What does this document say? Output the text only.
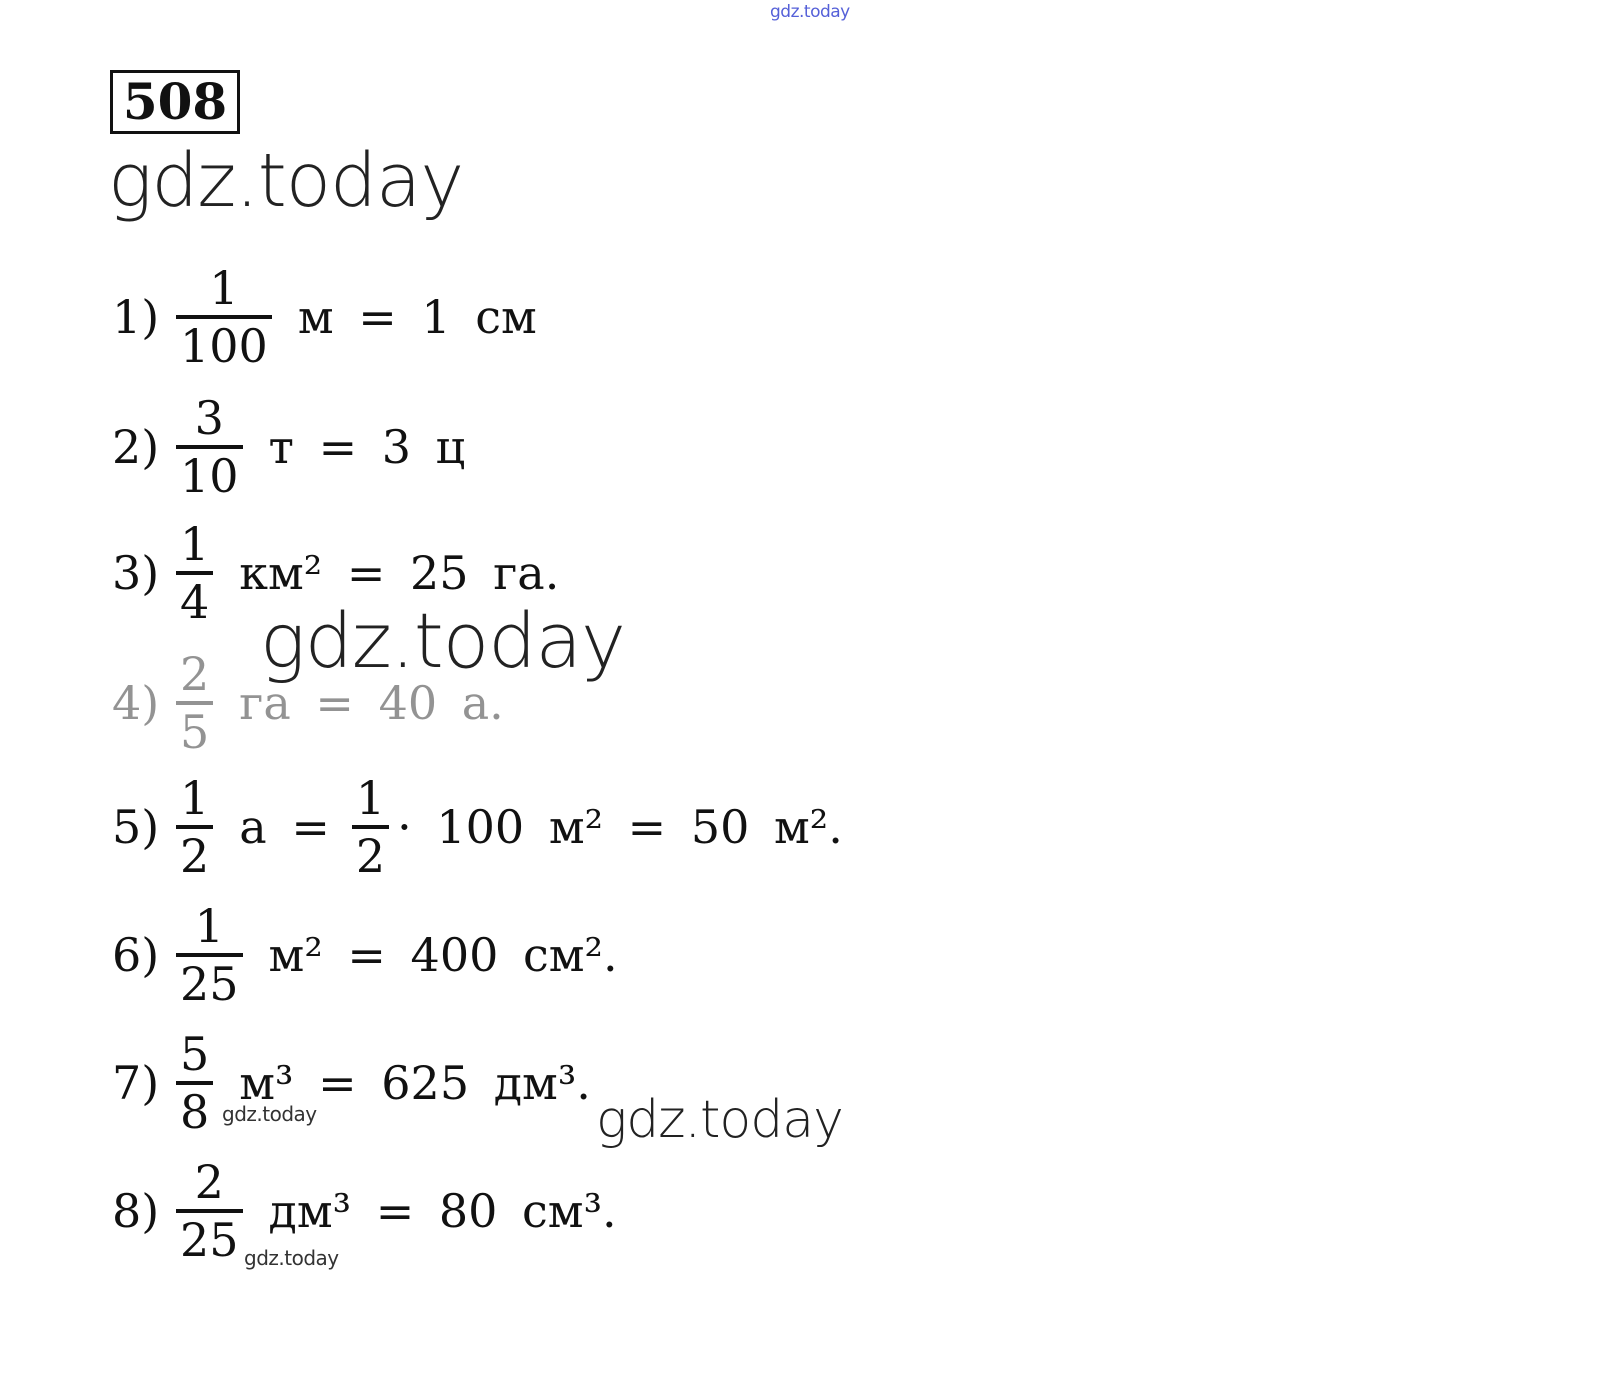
gdz.today
508
gdz.today
$1) \frac{1}{100}$ м = 1 см
$2) \frac{3}{10}$ т = 3 ц
$3) \frac{1}{4} км^2 = 25$ га.
$4) \frac{2}{5}$ га = 40 а.
gdz.today
$5) \frac{1}{2}$ $а = \frac{1}{2} \cdot 100$ м² = 50 м².
$6) \frac{1}{25} м^2 = 400$ см².
$7) \frac{5}{8} м^3 = 625$ дм³.
gdz.today	gdz.today
$8) \frac{2}{25} дм^3 = 80$ см³.
gdz.today
